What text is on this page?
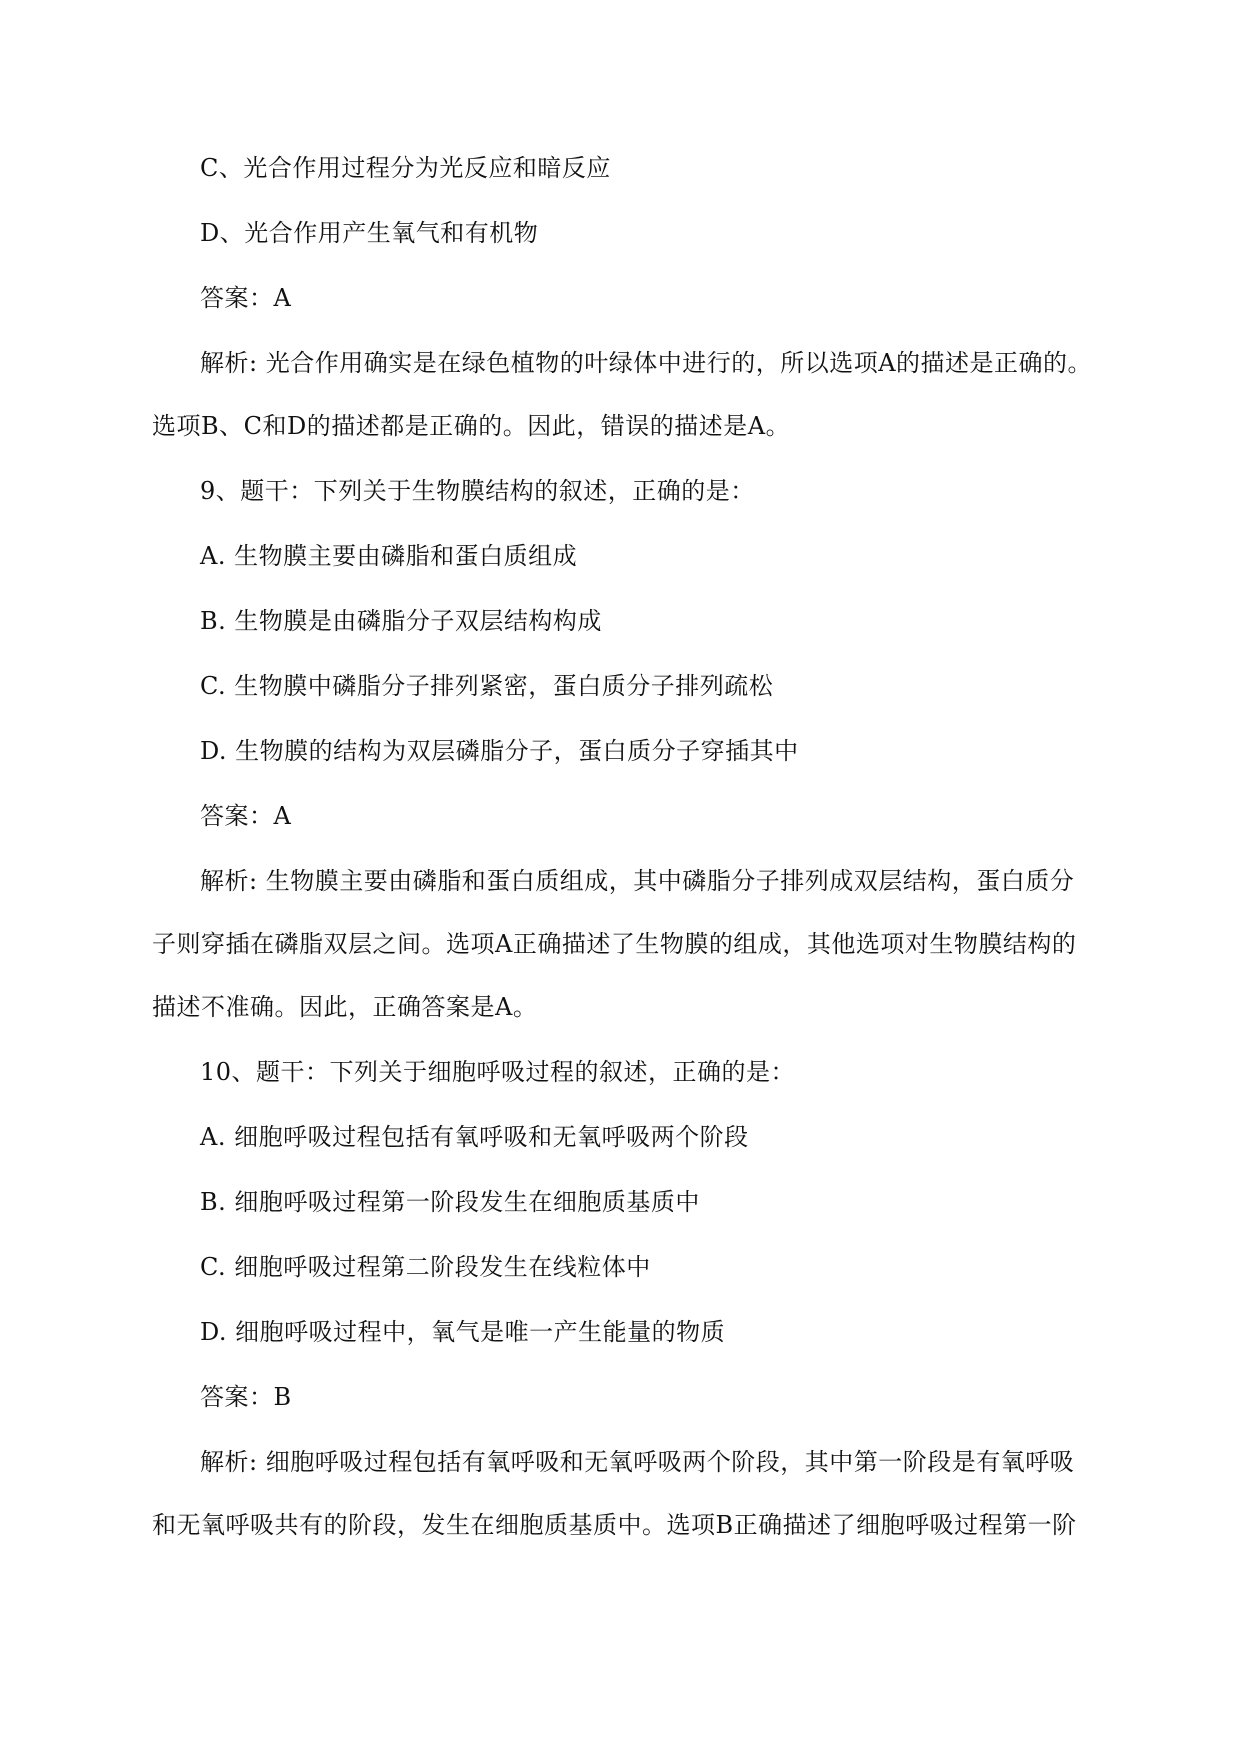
C、光合作用过程分为光反应和暗反应
D、光合作用产生氧气和有机物
答案：A
解析: 光合作用确实是在绿色植物的叶绿体中进行的，所以选项A的描述是正确的。
选项B、C和D的描述都是正确的。因此，错误的描述是A。
9、题干：下列关于生物膜结构的叙述，正确的是：
A. 生物膜主要由磷脂和蛋白质组成
B. 生物膜是由磷脂分子双层结构构成
C. 生物膜中磷脂分子排列紧密，蛋白质分子排列疏松
D. 生物膜的结构为双层磷脂分子，蛋白质分子穿插其中
答案：A
解析: 生物膜主要由磷脂和蛋白质组成，其中磷脂分子排列成双层结构，蛋白质分
子则穿插在磷脂双层之间。选项A正确描述了生物膜的组成，其他选项对生物膜结构的
描述不准确。因此，正确答案是A。
10、题干：下列关于细胞呼吸过程的叙述，正确的是：
A. 细胞呼吸过程包括有氧呼吸和无氧呼吸两个阶段
B. 细胞呼吸过程第一阶段发生在细胞质基质中
C. 细胞呼吸过程第二阶段发生在线粒体中
D. 细胞呼吸过程中，氧气是唯一产生能量的物质
答案：B
解析: 细胞呼吸过程包括有氧呼吸和无氧呼吸两个阶段，其中第一阶段是有氧呼吸
和无氧呼吸共有的阶段，发生在细胞质基质中。选项B正确描述了细胞呼吸过程第一阶
